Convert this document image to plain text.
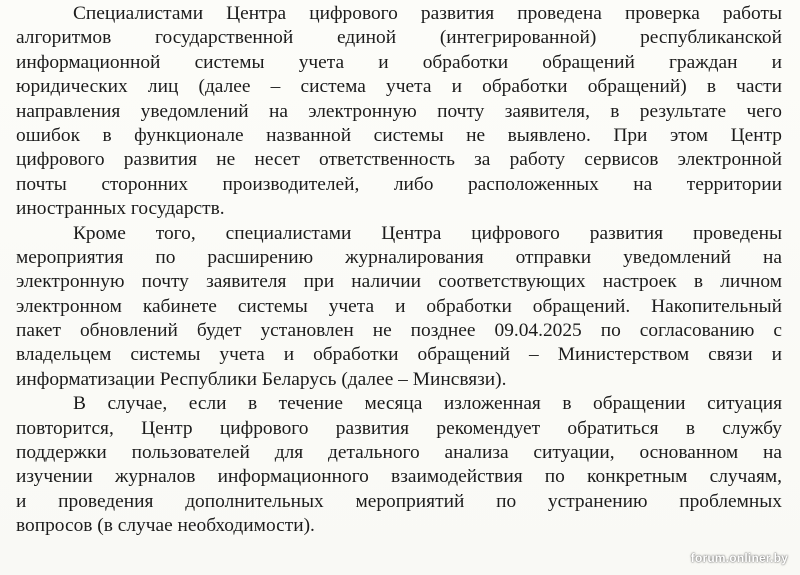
Специалистами Центра цифрового развития проведена проверка работы
алгоритмов государственной единой (интегрированной) республиканской
информационной системы учета и обработки обращений граждан и
юридических лиц (далее – система учета и обработки обращений) в части
направления уведомлений на электронную почту заявителя, в результате чего
ошибок в функционале названной системы не выявлено. При этом Центр
цифрового развития не несет ответственность за работу сервисов электронной
почты сторонних производителей, либо расположенных на территории
иностранных государств.
Кроме того, специалистами Центра цифрового развития проведены
мероприятия по расширению журналирования отправки уведомлений на
электронную почту заявителя при наличии соответствующих настроек в личном
электронном кабинете системы учета и обработки обращений. Накопительный
пакет обновлений будет установлен не позднее 09.04.2025 по согласованию с
владельцем системы учета и обработки обращений – Министерством связи и
информатизации Республики Беларусь (далее – Минсвязи).
В случае, если в течение месяца изложенная в обращении ситуация
повторится, Центр цифрового развития рекомендует обратиться в службу
поддержки пользователей для детального анализа ситуации, основанном на
изучении журналов информационного взаимодействия по конкретным случаям,
и проведения дополнительных мероприятий по устранению проблемных
вопросов (в случае необходимости).
forum.onliner.by
